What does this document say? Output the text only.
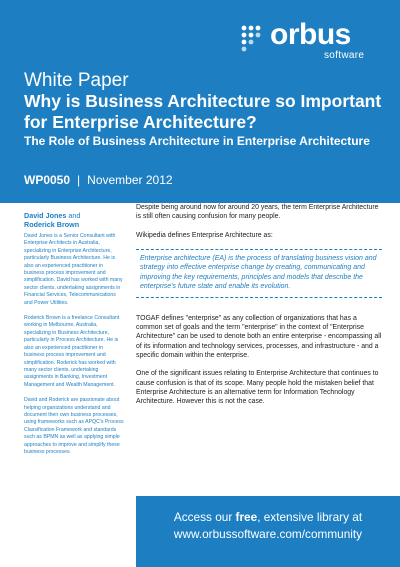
orbus
software
White Paper
Why is Business Architecture so Important for Enterprise Architecture?
The Role of Business Architecture in Enterprise Architecture
WP0050 | November 2012
David Jones and
Roderick Brown

David Jones is a Senior Consultant with Enterprise Architects in Australia, specializing in Enterprise Architecture, particularly Business Architecture. He is also an experienced practitioner in business process improvement and simplification. David has worked with many sector clients, undertaking assignments in Financial Services, Telecommunications and Power Utilities.

Roderick Brown is a freelance Consultant working in Melbourne, Australia, specializing in Business Architecture, particularly in Process Architecture. He is also an experienced practitioner in business process improvement and simplification. Roderick has worked with many sector clients, undertaking assignments in Banking, Investment Management and Wealth Management.

David and Roderick are passionate about helping organizations understand and document their own business processes, using frameworks such as APQC's Process Classification Framework and standards such as BPMN as well as applying simple approaches to improve and simplify these business processes.

Despite being around now for around 20 years, the term Enterprise Architecture is still often causing confusion for many people.

Wikipedia defines Enterprise Architecture as:

Enterprise architecture (EA) is the process of translating business vision and strategy into effective enterprise change by creating, communicating and improving the key requirements, principles and models that describe the enterprise's future state and enable its evolution.

TOGAF defines "enterprise" as any collection of organizations that has a common set of goals and the term "enterprise" in the context of "Enterprise Architecture" can be used to denote both an entire enterprise - encompassing all of its information and technology services, processes, and infrastructure - and a specific domain within the enterprise.

One of the significant issues relating to Enterprise Architecture that continues to cause confusion is that of its scope. Many people hold the mistaken belief that Enterprise Architecture is an alternative term for Information Technology Architecture. However this is not the case.

Access our free, extensive library at
www.orbussoftware.com/community
